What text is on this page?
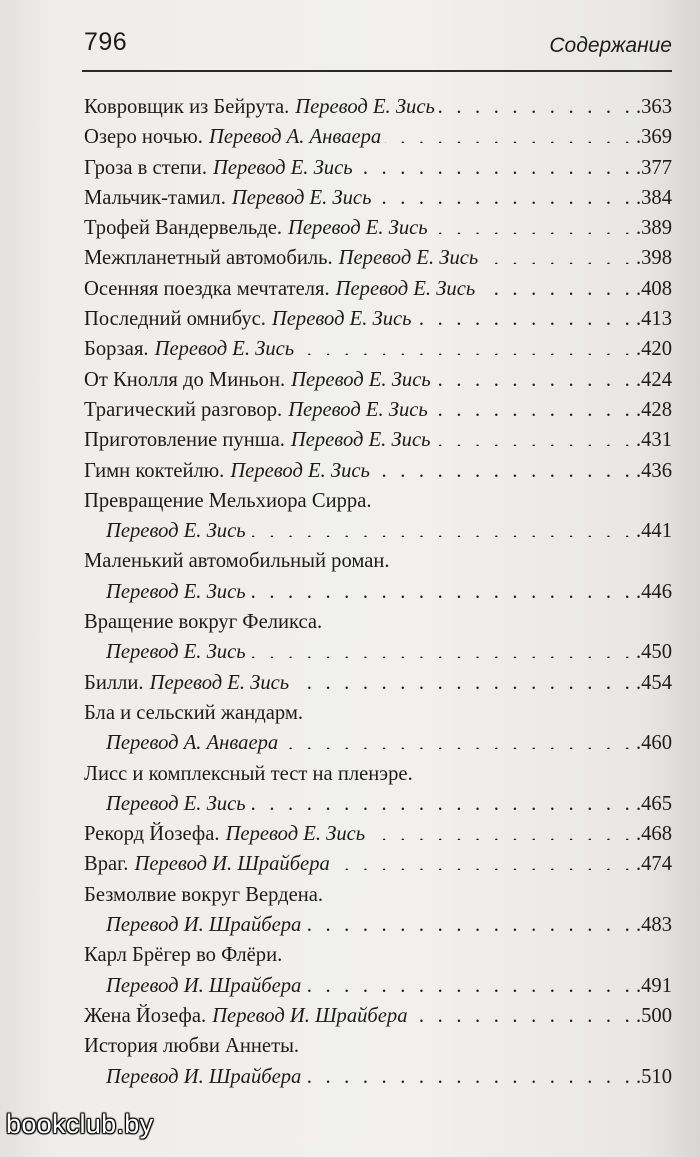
796	Содержание
Ковровщик из Бейрута. Перевод Е. Зись . . .	.363
Озеро ночью. Перевод А. Анваера . . .	.369
Гроза в степи. Перевод Е. Зись . . .	.377
Мальчик-тамил. Перевод Е. Зись . . .	.384
Трофей Вандервельде. Перевод Е. Зись . . .	.389
Межпланетный автомобиль. Перевод Е. Зись . . .	.398
Осенняя поездка мечтателя. Перевод Е. Зись . . .	.408
Последний омнибус. Перевод Е. Зись . . .	.413
Борзая. Перевод Е. Зись . . .	.420
От Кнолля до Миньон. Перевод Е. Зись . . .	.424
Трагический разговор. Перевод Е. Зись . . .	.428
Приготовление пунша. Перевод Е. Зись . . .	.431
Гимн коктейлю. Перевод Е. Зись . . .	.436
Превращение Мельхиора Сирра.
Перевод Е. Зись . . .	.441
Маленький автомобильный роман.
Перевод Е. Зись . . .	.446
Вращение вокруг Феликса.
Перевод Е. Зись . . .	.450
Билли. Перевод Е. Зись . . .	.454
Бла и сельский жандарм.
Перевод А. Анваера . . .	.460
Лисс и комплексный тест на пленэре.
Перевод Е. Зись . . .	.465
Рекорд Йозефа. Перевод Е. Зись . . .	.468
Враг. Перевод И. Шрайбера . . .	.474
Безмолвие вокруг Вердена.
Перевод И. Шрайбера . . .	.483
Карл Брёгер во Флёри.
Перевод И. Шрайбера . . .	.491
Жена Йозефа. Перевод И. Шрайбера . . .	.500
История любви Аннеты.
Перевод И. Шрайбера . . .	.510
bookclub.by
